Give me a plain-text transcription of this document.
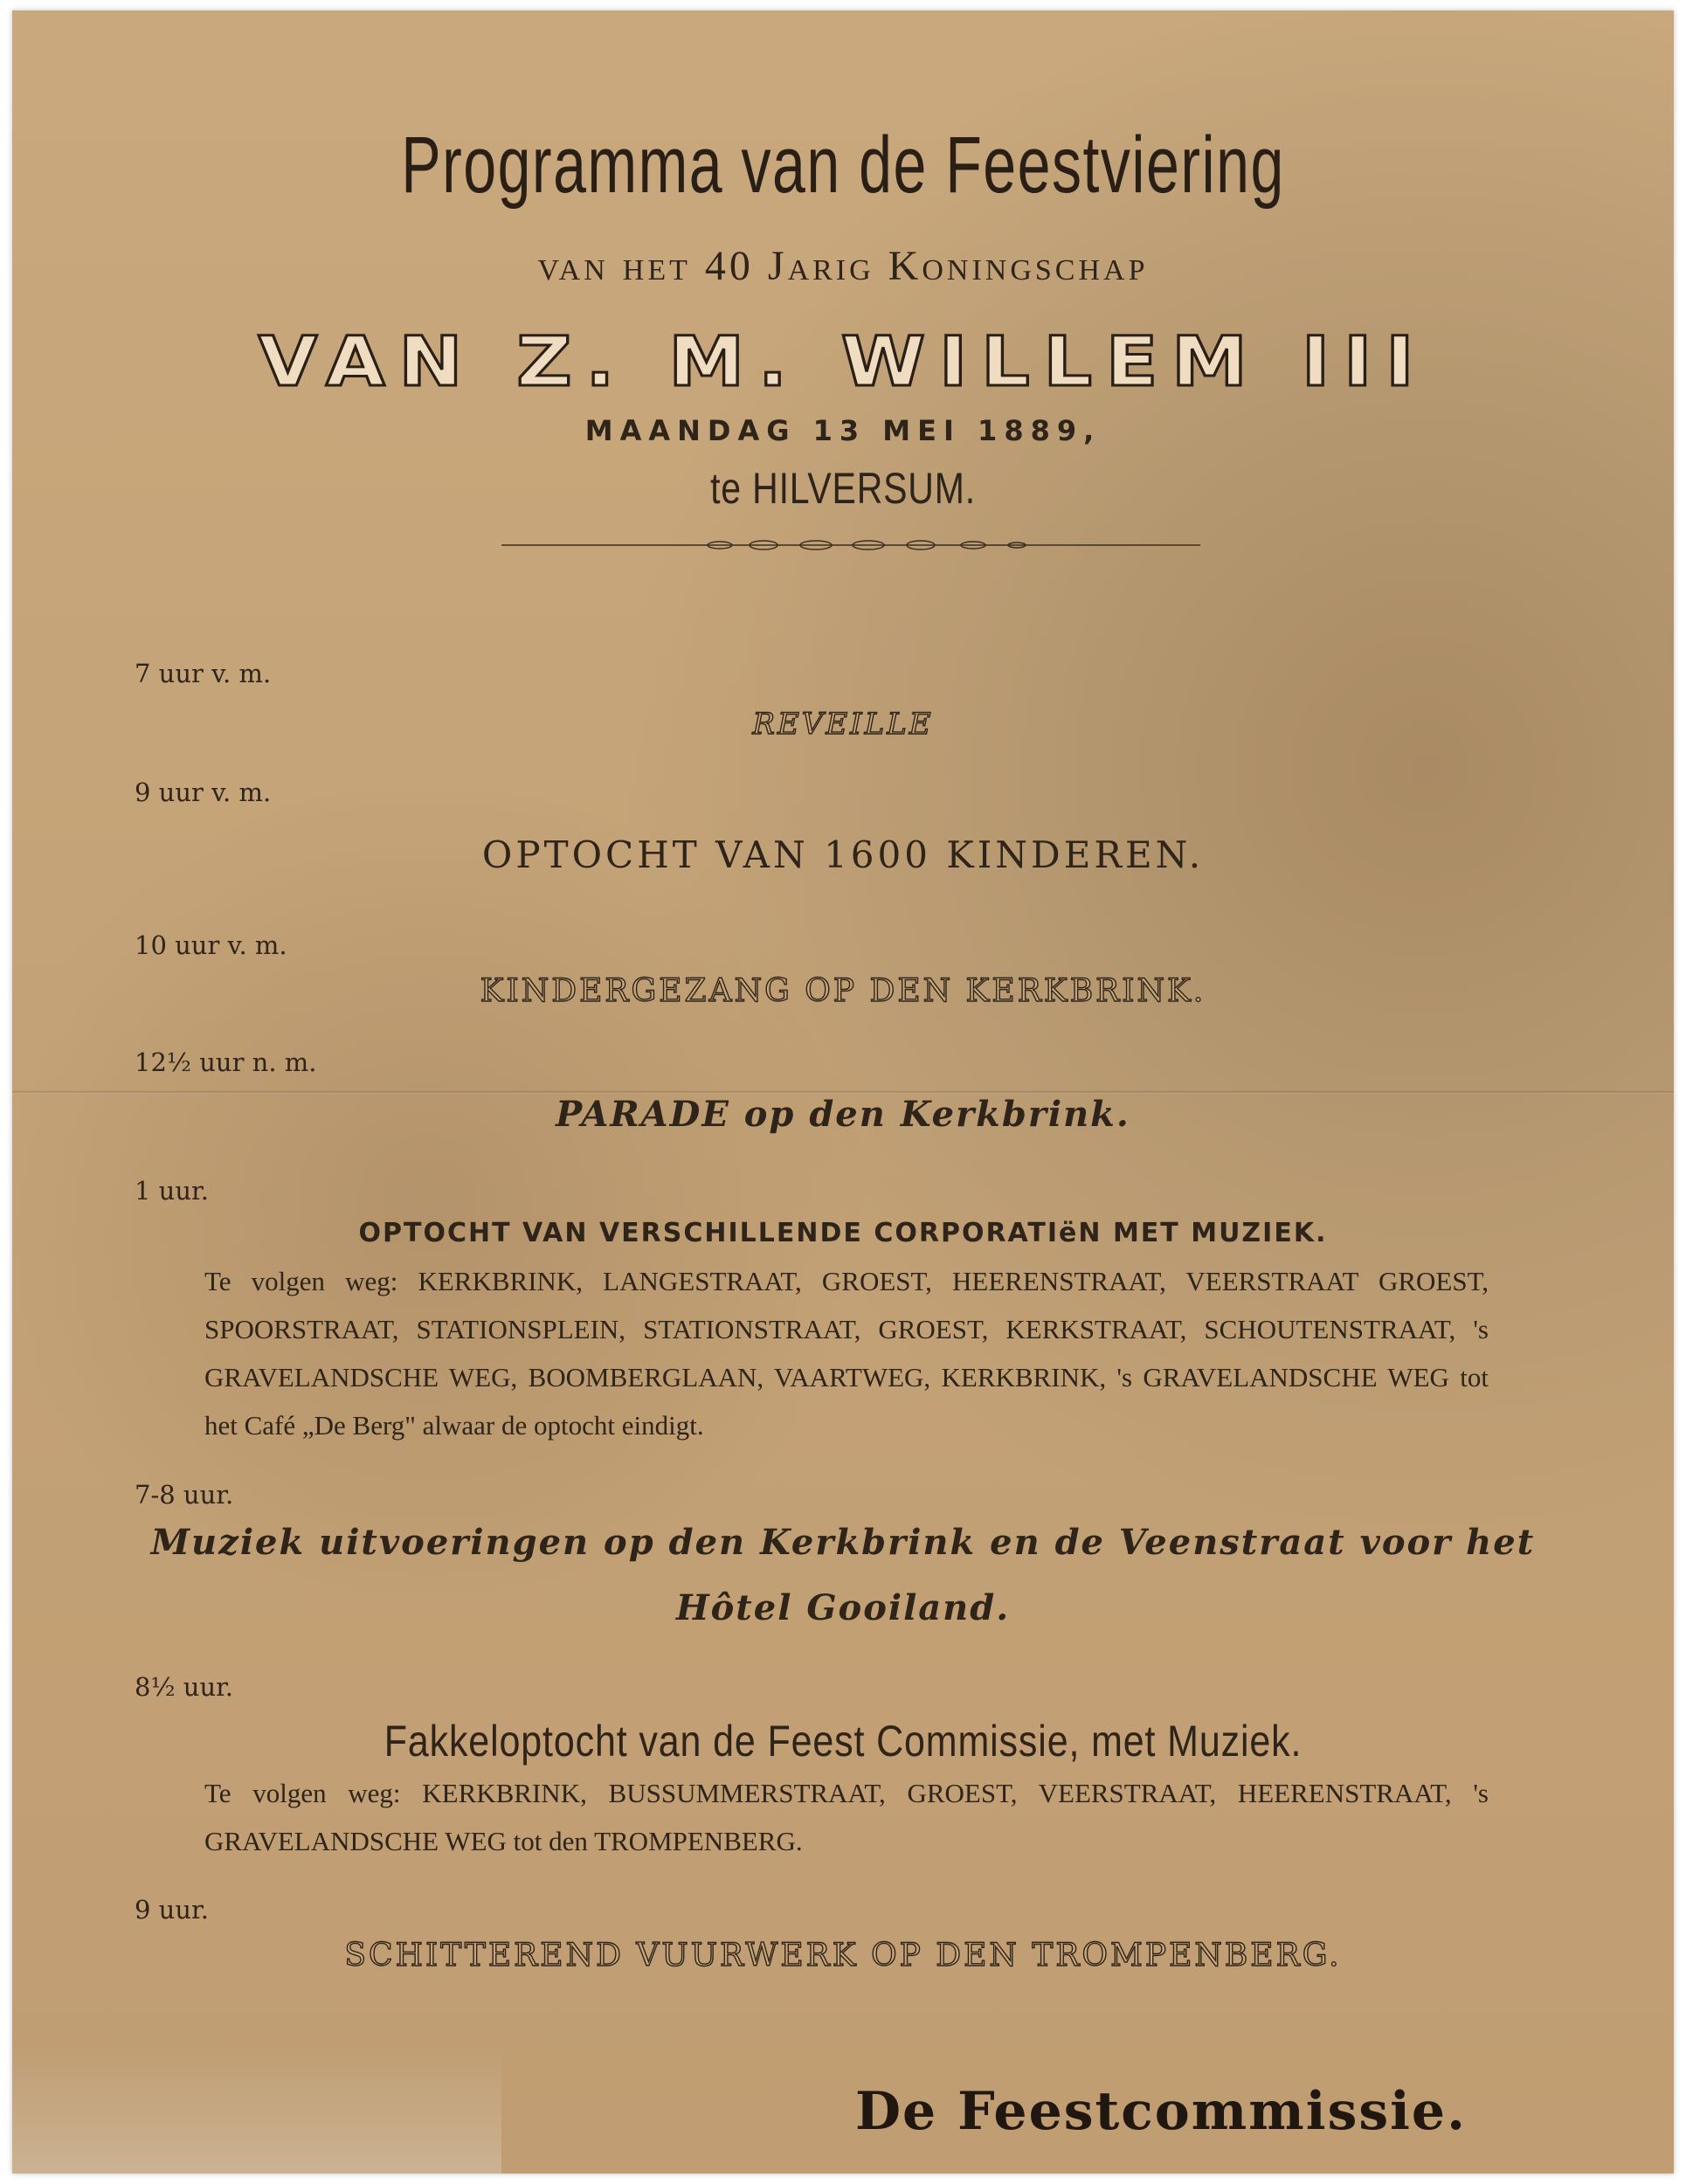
Programma van de Feestviering
van het 40 Jarig Koningschap
VAN Z. M. WILLEM III
MAANDAG 13 MEI 1889,
te HILVERSUM.
7 uur v. m.
REVEILLE
9 uur v. m.
OPTOCHT VAN 1600 KINDEREN.
10 uur v. m.
KINDERGEZANG OP DEN KERKBRINK.
12½ uur n. m.
PARADE op den Kerkbrink.
1 uur.
OPTOCHT VAN VERSCHILLENDE CORPORATIëN MET MUZIEK.
Te volgen weg: KERKBRINK, LANGESTRAAT, GROEST, HEERENSTRAAT, VEERSTRAAT GROEST, SPOORSTRAAT, STATIONSPLEIN, STATIONSTRAAT, GROEST, KERKSTRAAT, SCHOUTENSTRAAT, 's GRAVELANDSCHE WEG, BOOMBERGLAAN, VAARTWEG, KERKBRINK, 's GRAVELANDSCHE WEG tot het Café „De Berg" alwaar de optocht eindigt.
7-8 uur.
Muziek uitvoeringen op den Kerkbrink en de Veenstraat voor het
Hôtel Gooiland.
8½ uur.
Fakkeloptocht van de Feest Commissie, met Muziek.
Te volgen weg: KERKBRINK, BUSSUMMERSTRAAT, GROEST, VEERSTRAAT, HEERENSTRAAT, 's GRAVELANDSCHE WEG tot den TROMPENBERG.
9 uur.
SCHITTEREND VUURWERK OP DEN TROMPENBERG.
De Feestcommissie.
